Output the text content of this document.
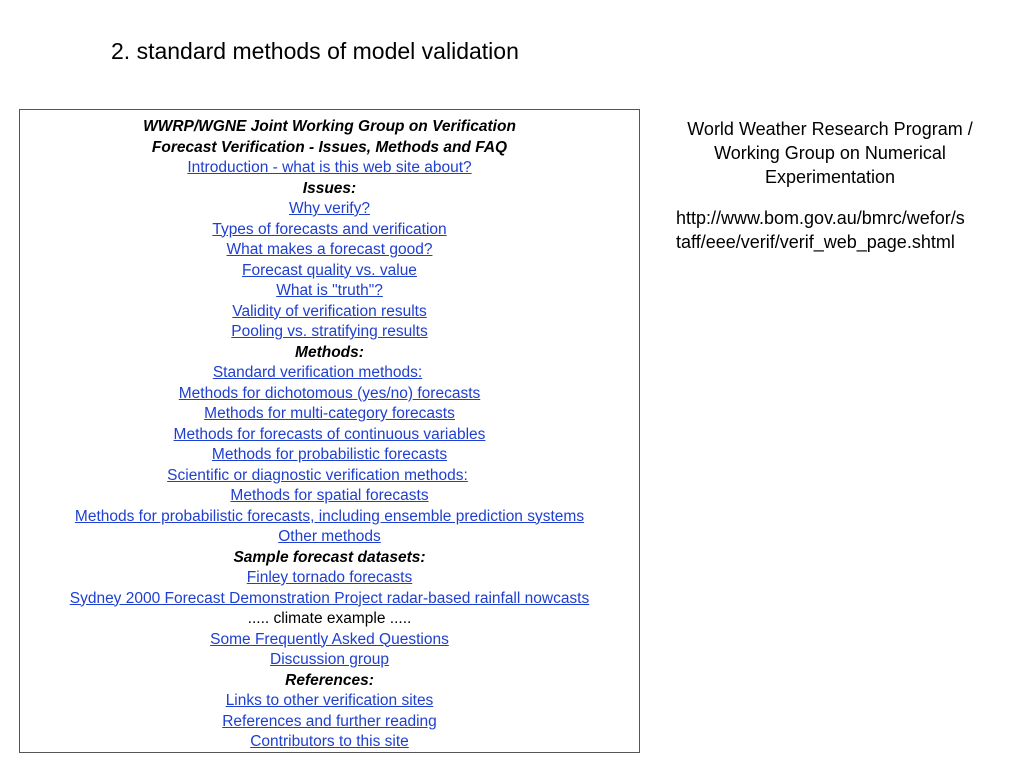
2. standard methods of model validation
WWRP/WGNE Joint Working Group on Verification
Forecast Verification - Issues, Methods and FAQ
Introduction - what is this web site about?
Issues:
Why verify?
Types of forecasts and verification
What makes a forecast good?
Forecast quality vs. value
What is "truth"?
Validity of verification results
Pooling vs. stratifying results
Methods:
Standard verification methods:
Methods for dichotomous (yes/no) forecasts
Methods for multi-category forecasts
Methods for forecasts of continuous variables
Methods for probabilistic forecasts
Scientific or diagnostic verification methods:
Methods for spatial forecasts
Methods for probabilistic forecasts, including ensemble prediction systems
Other methods
Sample forecast datasets:
Finley tornado forecasts
Sydney 2000 Forecast Demonstration Project radar-based rainfall nowcasts
..... climate example .....
Some Frequently Asked Questions
Discussion group
References:
Links to other verification sites
References and further reading
Contributors to this site
World Weather Research Program /
Working Group on Numerical
Experimentation
http://www.bom.gov.au/bmrc/wefor/s
taff/eee/verif/verif_web_page.shtml
